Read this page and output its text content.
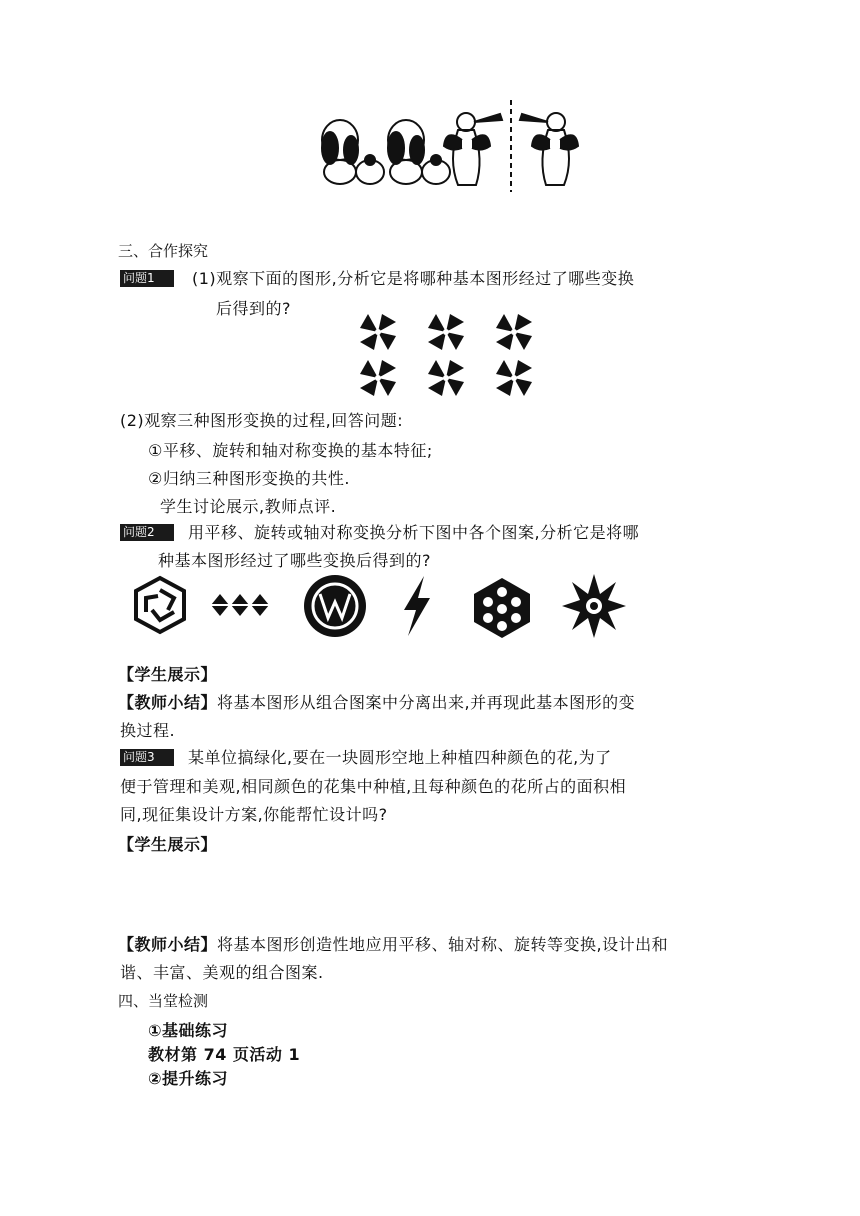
三、合作探究
问题1	(1)观察下面的图形,分析它是将哪种基本图形经过了哪些变换
后得到的?
(2)观察三种图形变换的过程,回答问题:
①平移、旋转和轴对称变换的基本特征;
②归纳三种图形变换的共性.
学生讨论展示,教师点评.
问题2	用平移、旋转或轴对称变换分析下图中各个图案,分析它是将哪
种基本图形经过了哪些变换后得到的?
【学生展示】
【教师小结】将基本图形从组合图案中分离出来,并再现此基本图形的变
换过程.
问题3	某单位搞绿化,要在一块圆形空地上种植四种颜色的花,为了
便于管理和美观,相同颜色的花集中种植,且每种颜色的花所占的面积相
同,现征集设计方案,你能帮忙设计吗?
【学生展示】
【教师小结】将基本图形创造性地应用平移、轴对称、旋转等变换,设计出和
谐、丰富、美观的组合图案.
四、当堂检测
①基础练习
教材第 74 页活动 1
②提升练习
